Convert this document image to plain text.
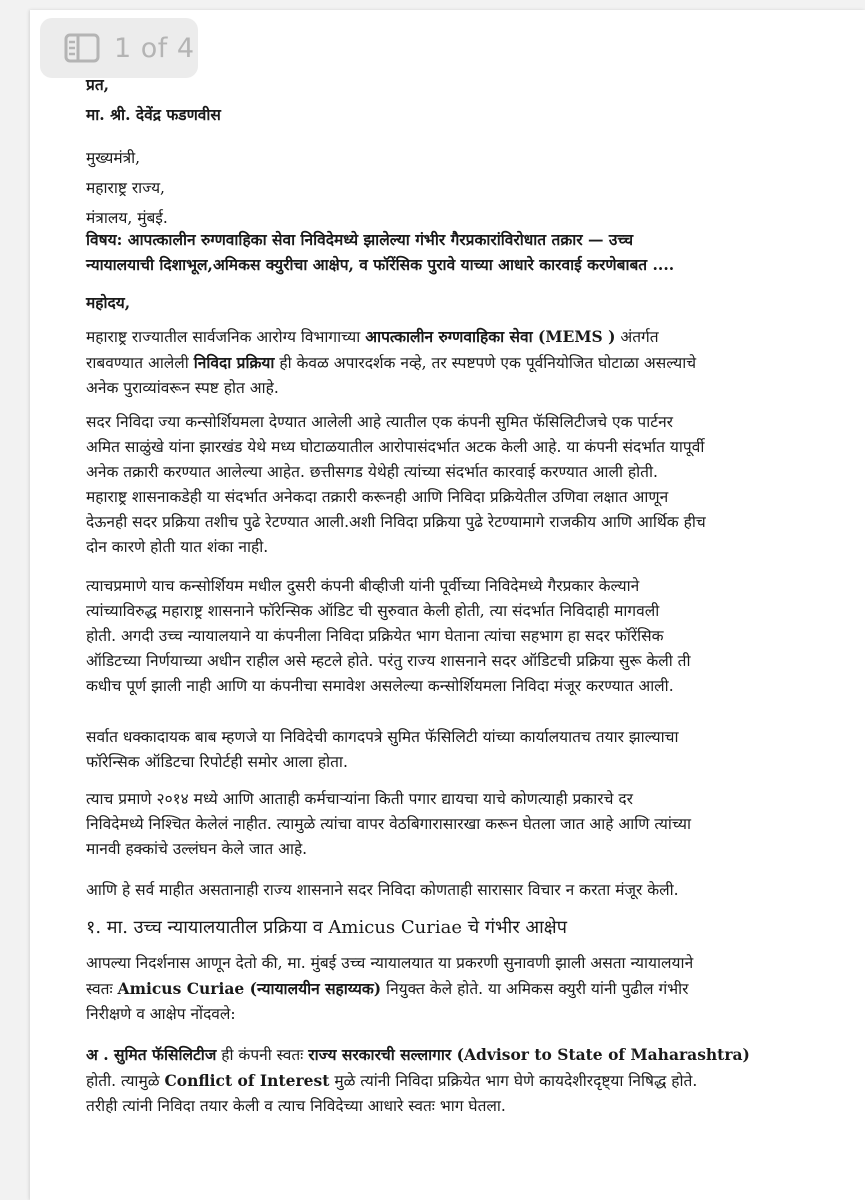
1 of 4
प्रत,
मा. श्री. देवेंद्र फडणवीस
मुख्यमंत्री,
महाराष्ट्र राज्य,
मंत्रालय, मुंबई.
विषय: आपत्कालीन रुग्णवाहिका सेवा निविदेमध्ये झालेल्या गंभीर गैरप्रकारांविरोधात तक्रार — उच्च
न्यायालयाची दिशाभूल,अमिकस क्युरीचा आक्षेप, व फॉरेंसिक पुरावे याच्या आधारे कारवाई करणेबाबत ....
महोदय,
महाराष्ट्र राज्यातील सार्वजनिक आरोग्य विभागाच्या आपत्कालीन रुग्णवाहिका सेवा (MEMS ) अंतर्गत
राबवण्यात आलेली निविदा प्रक्रिया ही केवळ अपारदर्शक नव्हे, तर स्पष्टपणे एक पूर्वनियोजित घोटाळा असल्याचे
अनेक पुराव्यांवरून स्पष्ट होत आहे.
सदर निविदा ज्या कन्सोर्शियमला देण्यात आलेली आहे त्यातील एक कंपनी सुमित फॅसिलिटीजचे एक पार्टनर
अमित साळुंखे यांना झारखंड येथे मध्य घोटाळयातील आरोपासंदर्भात अटक केली आहे. या कंपनी संदर्भात यापूर्वी
अनेक तक्रारी करण्यात आलेल्या आहेत. छत्तीसगड येथेही त्यांच्या संदर्भात कारवाई करण्यात आली होती.
महाराष्ट्र शासनाकडेही या संदर्भात अनेकदा तक्रारी करूनही आणि निविदा प्रक्रियेतील उणिवा लक्षात आणून
देऊनही सदर प्रक्रिया तशीच पुढे रेटण्यात आली.अशी निविदा प्रक्रिया पुढे रेटण्यामागे राजकीय आणि आर्थिक हीच
दोन कारणे होती यात शंका नाही.
त्याचप्रमाणे याच कन्सोर्शियम मधील दुसरी कंपनी बीव्हीजी यांनी पूर्वीच्या निविदेमध्ये गैरप्रकार केल्याने
त्यांच्याविरुद्ध महाराष्ट्र शासनाने फॉरेन्सिक ऑडिट ची सुरुवात केली होती, त्या संदर्भात निविदाही मागवली
होती. अगदी उच्च न्यायालयाने या कंपनीला निविदा प्रक्रियेत भाग घेताना त्यांचा सहभाग हा सदर फॉरेंसिक
ऑडिटच्या निर्णयाच्या अधीन राहील असे म्हटले होते. परंतु राज्य शासनाने सदर ऑडिटची प्रक्रिया सुरू केली ती
कधीच पूर्ण झाली नाही आणि या कंपनीचा समावेश असलेल्या कन्सोर्शियमला निविदा मंजूर करण्यात आली.
सर्वात धक्कादायक बाब म्हणजे या निविदेची कागदपत्रे सुमित फॅसिलिटी यांच्या कार्यालयातच तयार झाल्याचा
फॉरेन्सिक ऑडिटचा रिपोर्टही समोर आला होता.
त्याच प्रमाणे २०१४ मध्ये आणि आताही कर्मचाऱ्यांना किती पगार द्यायचा याचे कोणत्याही प्रकारचे दर
निविदेमध्ये निश्चित केलेलं नाहीत. त्यामुळे त्यांचा वापर वेठबिगारासारखा करून घेतला जात आहे आणि त्यांच्या
मानवी हक्कांचे उल्लंघन केले जात आहे.
आणि हे सर्व माहीत असतानाही राज्य शासनाने सदर निविदा कोणताही सारासार विचार न करता मंजूर केली.
१. मा. उच्च न्यायालयातील प्रक्रिया व Amicus Curiae चे गंभीर आक्षेप
आपल्या निदर्शनास आणून देतो की, मा. मुंबई उच्च न्यायालयात या प्रकरणी सुनावणी झाली असता न्यायालयाने
स्वतः Amicus Curiae (न्यायालयीन सहाय्यक) नियुक्त केले होते. या अमिकस क्युरी यांनी पुढील गंभीर
निरीक्षणे व आक्षेप नोंदवले:
अ . सुमित फॅसिलिटीज ही कंपनी स्वतः राज्य सरकारची सल्लागार (Advisor to State of Maharashtra)
होती. त्यामुळे Conflict of Interest मुळे त्यांनी निविदा प्रक्रियेत भाग घेणे कायदेशीरदृष्ट्या निषिद्ध होते.
तरीही त्यांनी निविदा तयार केली व त्याच निविदेच्या आधारे स्वतः भाग घेतला.
